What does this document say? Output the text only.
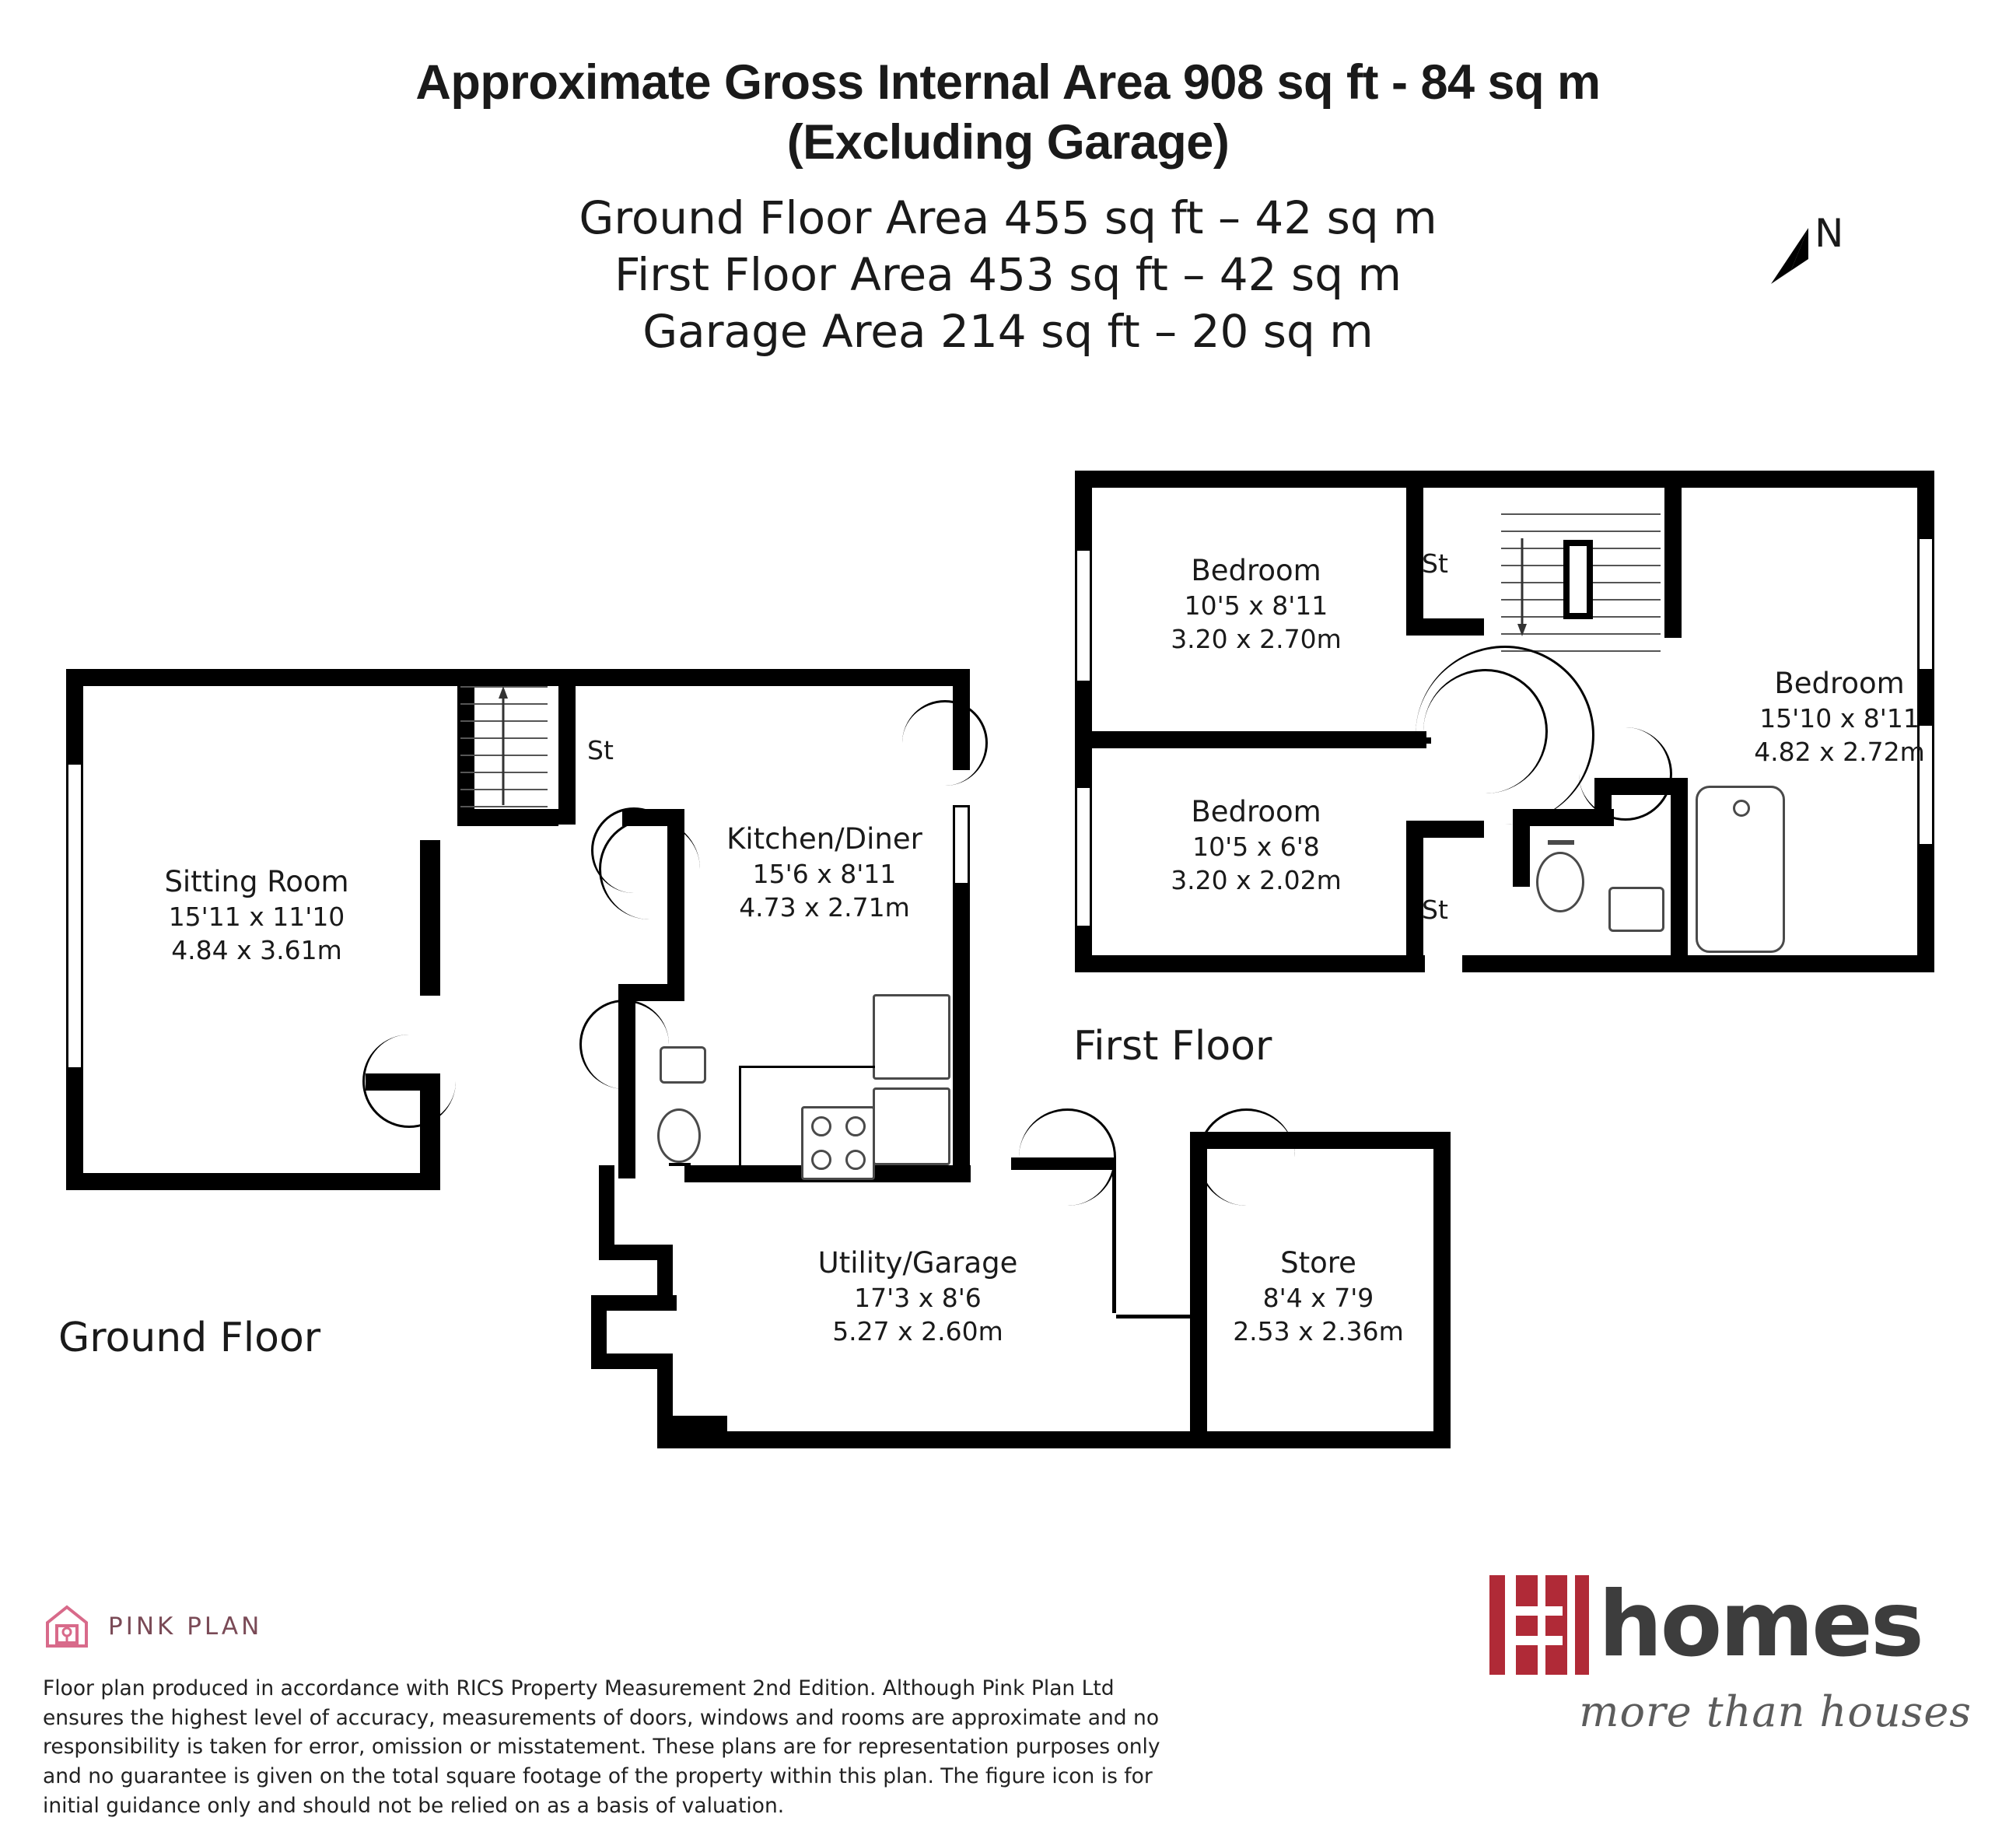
Approximate Gross Internal Area 908 sq ft - 84 sq m
(Excluding Garage)
Ground Floor Area 455 sq ft – 42 sq m
First Floor Area 453 sq ft – 42 sq m
Garage Area 214 sq ft – 20 sq m
N
Sitting Room
15'11 x 11'10
4.84 x 3.61m
Kitchen/Diner
15'6 x 8'11
4.73 x 2.71m
Utility/Garage
17'3 x 8'6
5.27 x 2.60m
Store
8'4 x 7'9
2.53 x 2.36m
St
Ground Floor
Bedroom
10'5 x 8'11
3.20 x 2.70m
Bedroom
10'5 x 6'8
3.20 x 2.02m
Bedroom
15'10 x 8'11
4.82 x 2.72m
St
St
First Floor
PINK PLAN
Floor plan produced in accordance with RICS Property Measurement 2nd Edition. Although Pink Plan Ltd ensures the highest level of accuracy, measurements of doors, windows and rooms are approximate and no responsibility is taken for error, omission or misstatement. These plans are for representation purposes only and no guarantee is given on the total square footage of the property within this plan. The figure icon is for initial guidance only and should not be relied on as a basis of valuation.
homes
more than houses
